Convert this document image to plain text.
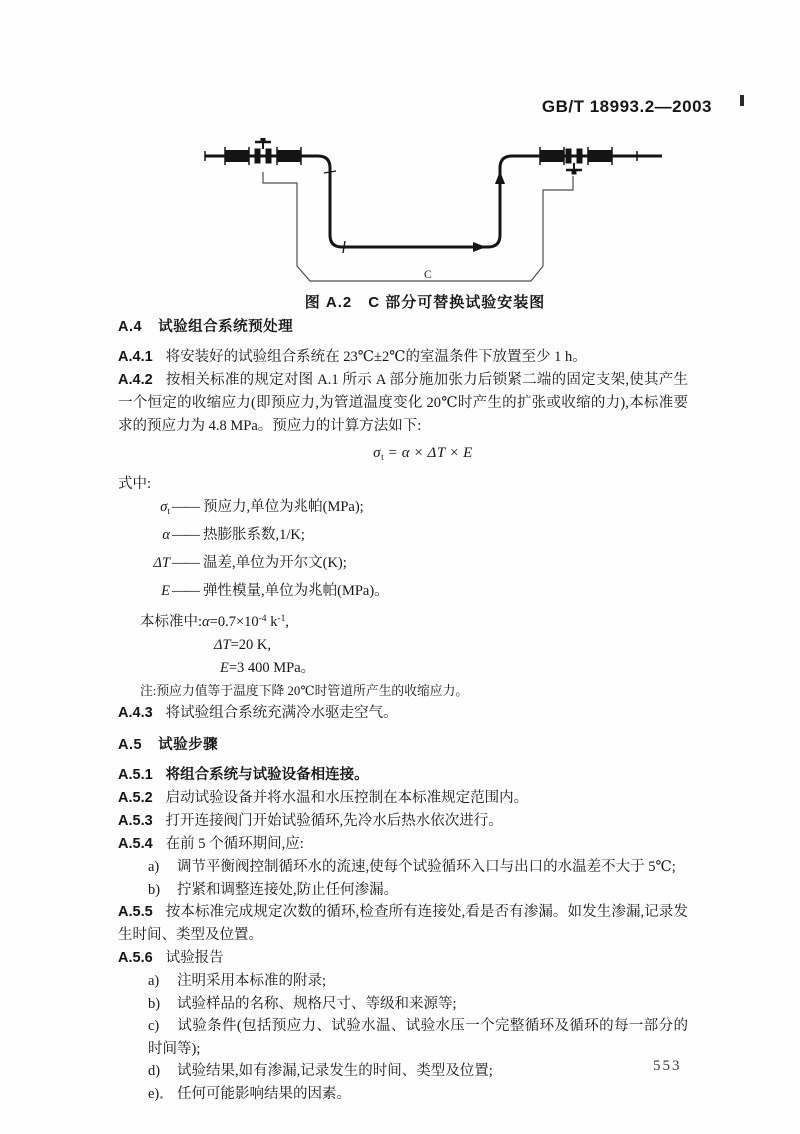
GB/T 18993.2—2003
C
图 A.2　C 部分可替换试验安装图
A.4 试验组合系统预处理

A.4.1 将安装好的试验组合系统在 23℃±2℃的室温条件下放置至少 1 h。

A.4.2 按相关标准的规定对图 A.1 所示 A 部分施加张力后锁紧二端的固定支架,使其产生一个恒定的收缩应力(即预应力,为管道温度变化 20℃时产生的扩张或收缩的力),本标准要求的预应力为 4.8 MPa。预应力的计算方法如下:

$\sigma_t = \alpha \times \Delta T \times E$

式中:

$\sigma_t$ —— 预应力,单位为兆帕(MPa);
α —— 热膨胀系数,1/K;
ΔT —— 温差,单位为开尔文(K);
E —— 弹性模量,单位为兆帕(MPa)。
本标准中$:\alpha=0.7\times 10^{-4}$ $k^{-1}$,
ΔT=20 K,
E=3 400 MPa。
注:预应力值等于温度下降 20℃时管道所产生的收缩应力。

A.4.3 将试验组合系统充满冷水驱走空气。

A.5 试验步骤

A.5.1 将组合系统与试验设备相连接。

A.5.2 启动试验设备并将水温和水压控制在本标准规定范围内。

A.5.3 打开连接阀门开始试验循环,先冷水后热水依次进行。

A.5.4 在前 5 个循环期间,应:

a) 调节平衡阀控制循环水的流速,使每个试验循环入口与出口的水温差不大于 5℃;
b) 拧紧和调整连接处,防止任何渗漏。

A.5.5 按本标准完成规定次数的循环,检查所有连接处,看是否有渗漏。如发生渗漏,记录发生时间、类型及位置。

A.5.6 试验报告

a) 注明采用本标准的附录;
b) 试验样品的名称、规格尺寸、等级和来源等;
c) 试验条件(包括预应力、试验水温、试验水压一个完整循环及循环的每一部分的时间等);
d) 试验结果,如有渗漏,记录发生的时间、类型及位置;
e) 任何可能影响结果的因素。
553
